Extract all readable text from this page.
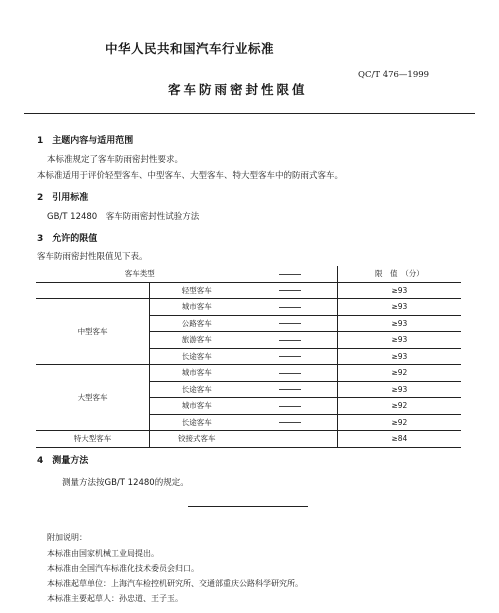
中华人民共和国汽车行业标准
客车防雨密封性限值
QC/T 476—1999
1　主题内容与适用范围
本标准规定了客车防雨密封性要求。
本标准适用于评价轻型客车、中型客车、大型客车、特大型客车中的防雨式客车。
2　引用标准
GB/T 12480　客车防雨密封性试验方法
3　允许的限值
客车防雨密封性限值见下表。
客车类型			限　值　（分）
	轻型客车		≥93
中型客车	城市客车		≥93
	公路客车		≥93
	旅游客车		≥93
	长途客车		≥93
大型客车	城市客车		≥92
	长途客车		≥93
	城市客车		≥92
	长途客车		≥92
特大型客车	铰接式客车		≥84
4　测量方法
测量方法按GB/T 12480的规定。
附加说明：
本标准由国家机械工业局提出。
本标准由全国汽车标准化技术委员会归口。
本标准起草单位：上海汽车检控机研究所、交通部重庆公路科学研究所。
本标准主要起草人：孙忠道、王子玉。
